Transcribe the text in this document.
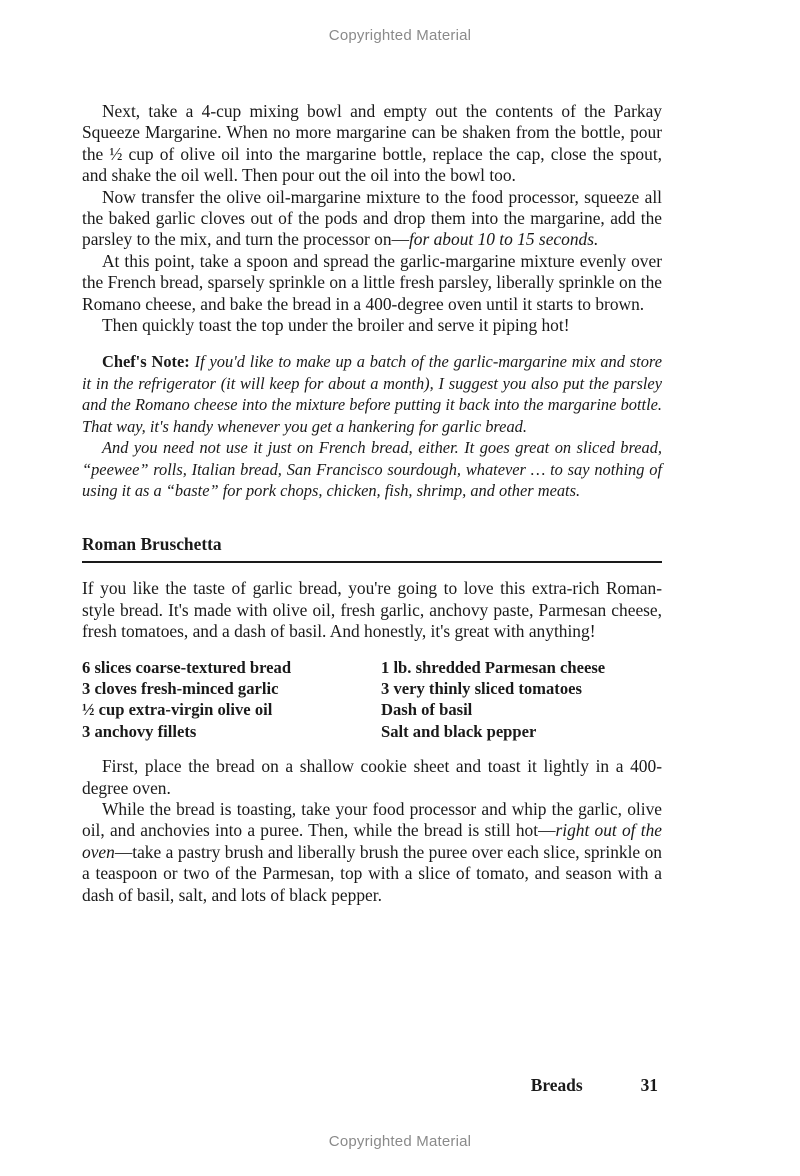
Copyrighted Material

Next, take a 4-cup mixing bowl and empty out the contents of the Parkay Squeeze Margarine. When no more margarine can be shaken from the bottle, pour the ½ cup of olive oil into the margarine bottle, replace the cap, close the spout, and shake the oil well. Then pour out the oil into the bowl too.

Now transfer the olive oil-margarine mixture to the food processor, squeeze all the baked garlic cloves out of the pods and drop them into the margarine, add the parsley to the mix, and turn the processor on—for about 10 to 15 seconds.

At this point, take a spoon and spread the garlic-margarine mixture evenly over the French bread, sparsely sprinkle on a little fresh parsley, liberally sprinkle on the Romano cheese, and bake the bread in a 400-degree oven until it starts to brown.

Then quickly toast the top under the broiler and serve it piping hot!

Chef's Note: If you'd like to make up a batch of the garlic-margarine mix and store it in the refrigerator (it will keep for about a month), I suggest you also put the parsley and the Romano cheese into the mixture before putting it back into the margarine bottle. That way, it's handy whenever you get a hankering for garlic bread.

And you need not use it just on French bread, either. It goes great on sliced bread, “peewee” rolls, Italian bread, San Francisco sourdough, whatever … to say nothing of using it as a “baste” for pork chops, chicken, fish, shrimp, and other meats.

Roman Bruschetta

If you like the taste of garlic bread, you're going to love this extra-rich Roman-style bread. It's made with olive oil, fresh garlic, anchovy paste, Parmesan cheese, fresh tomatoes, and a dash of basil. And honestly, it's great with anything!

6 slices coarse-textured bread
3 cloves fresh-minced garlic
½ cup extra-virgin olive oil
3 anchovy fillets
1 lb. shredded Parmesan cheese
3 very thinly sliced tomatoes
Dash of basil
Salt and black pepper

First, place the bread on a shallow cookie sheet and toast it lightly in a 400-degree oven.

While the bread is toasting, take your food processor and whip the garlic, olive oil, and anchovies into a puree. Then, while the bread is still hot—right out of the oven—take a pastry brush and liberally brush the puree over each slice, sprinkle on a teaspoon or two of the Parmesan, top with a slice of tomato, and season with a dash of basil, salt, and lots of black pepper.

Breads	31
Copyrighted Material
